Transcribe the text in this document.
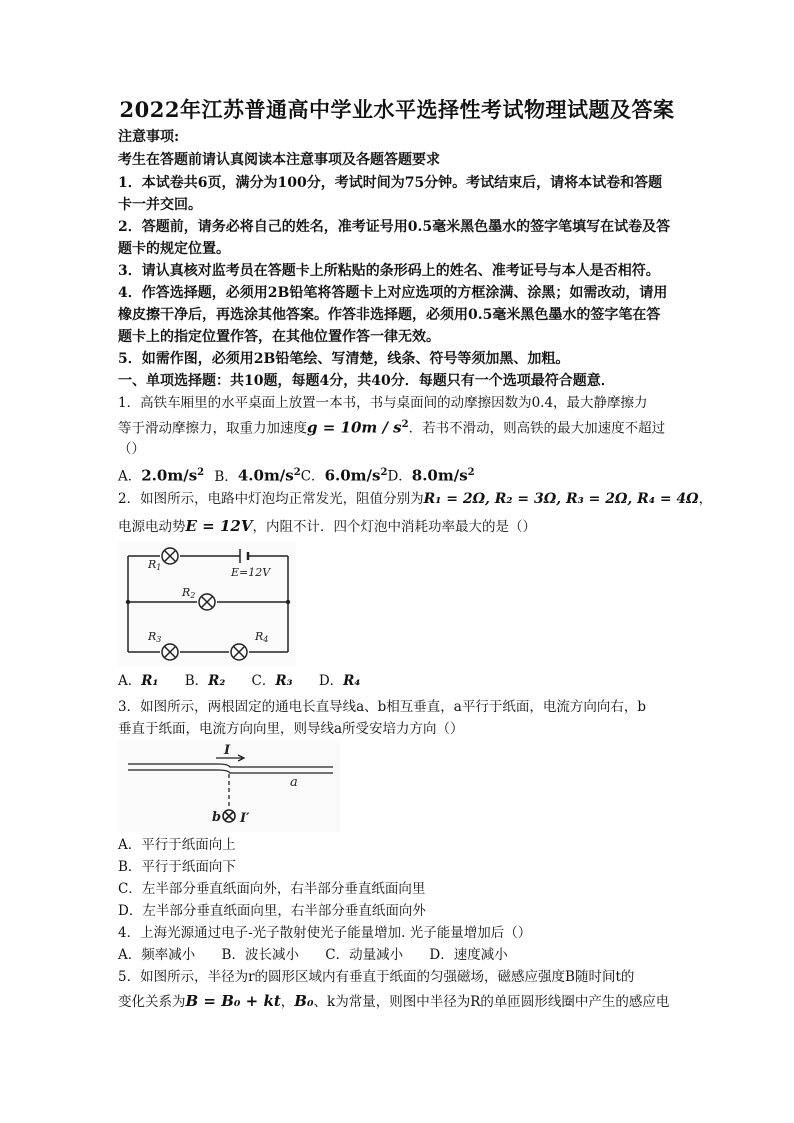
2022年江苏普通高中学业水平选择性考试物理试题及答案
注意事项:
考生在答题前请认真阅读本注意事项及各题答题要求
1．本试卷共6页，满分为100分，考试时间为75分钟。考试结束后，请将本试卷和答题
卡一并交回。
2．答题前，请务必将自己的姓名，准考证号用0.5毫米黑色墨水的签字笔填写在试卷及答
题卡的规定位置。
3．请认真核对监考员在答题卡上所粘贴的条形码上的姓名、准考证号与本人是否相符。
4．作答选择题，必须用2B铅笔将答题卡上对应选项的方框涂满、涂黑；如需改动，请用
橡皮擦干净后，再选涂其他答案。作答非选择题，必须用0.5毫米黑色墨水的签字笔在答
题卡上的指定位置作答，在其他位置作答一律无效。
5．如需作图，必须用2B铅笔绘、写清楚，线条、符号等须加黑、加粗。
一、单项选择题：共10题，每题4分，共40分．每题只有一个选项最符合题意．
1．高铁车厢里的水平桌面上放置一本书，书与桌面间的动摩擦因数为0.4，最大静摩擦力
等于滑动摩擦力，取重力加速度$g = 10m / s^2$．若书不滑动，则高铁的最大加速度不超过
（）
A．$2.0m/s^2$ B．$4.0m/s^2C$．$6.0m/s^2D$．$8.0m/s^2$
2．如图所示，电路中灯泡均正常发光，阻值分别为R₁ = 2Ω, R₂ = 3Ω, R₃ = 2Ω, R₄ = 4Ω，
电源电动势E = 12V，内阻不计．四个灯泡中消耗功率最大的是（）
R1	E=12V
R2
R3	R4
A．R₁ B．R₂ C．R₃ D．R₄
3．如图所示，两根固定的通电长直导线a、b相互垂直，a平行于纸面，电流方向向右，b
垂直于纸面，电流方向向里，则导线a所受安培力方向（）
I
a
b I′
A．平行于纸面向上
B．平行于纸面向下
C．左半部分垂直纸面向外，右半部分垂直纸面向里
D．左半部分垂直纸面向里，右半部分垂直纸面向外
4．上海光源通过电子-光子散射使光子能量增加. 光子能量增加后（）
A．频率减小 B．波长减小 C．动量减小 D．速度减小
5．如图所示，半径为r的圆形区域内有垂直于纸面的匀强磁场，磁感应强度B随时间t的
变化关系为B = B₀ + kt，B₀、k为常量，则图中半径为R的单匝圆形线圈中产生的感应电
